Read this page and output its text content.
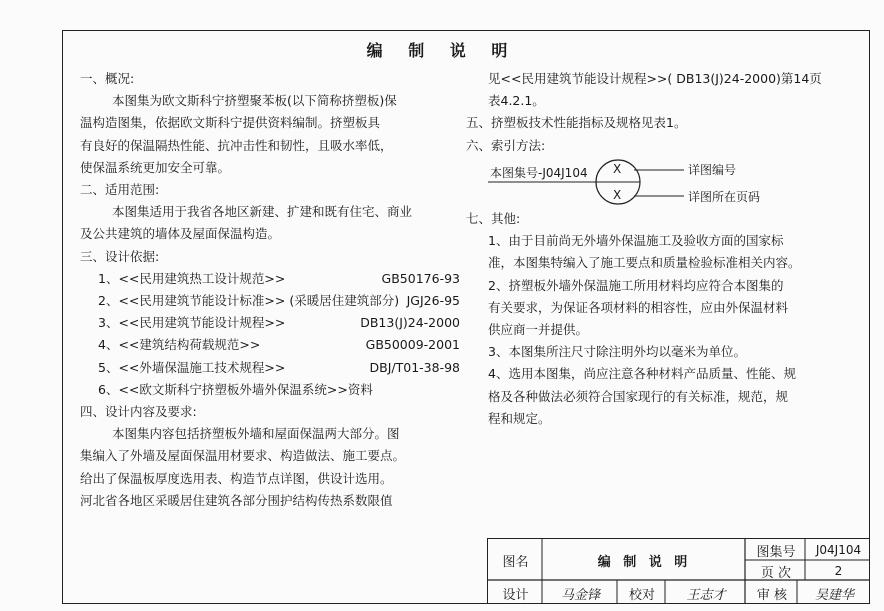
编 制 说 明

一、概况:

本图集为欧文斯科宁挤塑聚苯板(以下简称挤塑板)保

温构造图集，依据欧文斯科宁提供资料编制。挤塑板具

有良好的保温隔热性能、抗冲击性和韧性，且吸水率低，

使保温系统更加安全可靠。

二、适用范围:

本图集适用于我省各地区新建、扩建和既有住宅、商业

及公共建筑的墙体及屋面保温构造。

三、设计依据:

1、<<民用建筑热工设计规范>>	GB50176-93

2、<<民用建筑节能设计标准>> (采暖居住建筑部分) JGJ26-95

3、<<民用建筑节能设计规程>>	DB13(J)24-2000

4、<<建筑结构荷载规范>>	GB50009-2001

5、<<外墙保温施工技术规程>>	DBJ/T01-38-98

6、<<欧文斯科宁挤塑板外墙外保温系统>>资料

四、设计内容及要求:

本图集内容包括挤塑板外墙和屋面保温两大部分。图

集编入了外墙及屋面保温用材要求、构造做法、施工要点。

给出了保温板厚度选用表、构造节点详图，供设计选用。

河北省各地区采暖居住建筑各部分围护结构传热系数限值

见<<民用建筑节能设计规程>>( DB13(J)24-2000)第14页

表4.2.1。

五、挤塑板技术性能指标及规格见表1。

六、索引方法:

本图集号-J04J104 X
X
详图编号
详图所在页码

七、其他:

1、由于目前尚无外墙外保温施工及验收方面的国家标

准，本图集特编入了施工要点和质量检验标准相关内容。

2、挤塑板外墙外保温施工所用材料均应符合本图集的

有关要求，为保证各项材料的相容性，应由外保温材料

供应商一并提供。

3、本图集所注尺寸除注明外均以毫米为单位。

4、选用本图集，尚应注意各种材料产品质量、性能、规

格及各种做法必须符合国家现行的有关标准，规范，规

程和规定。

图名	编 制 说 明
图集号	J04J104
页 次	2
设计	马金锋	校对	王志才	审 核	吴建华
